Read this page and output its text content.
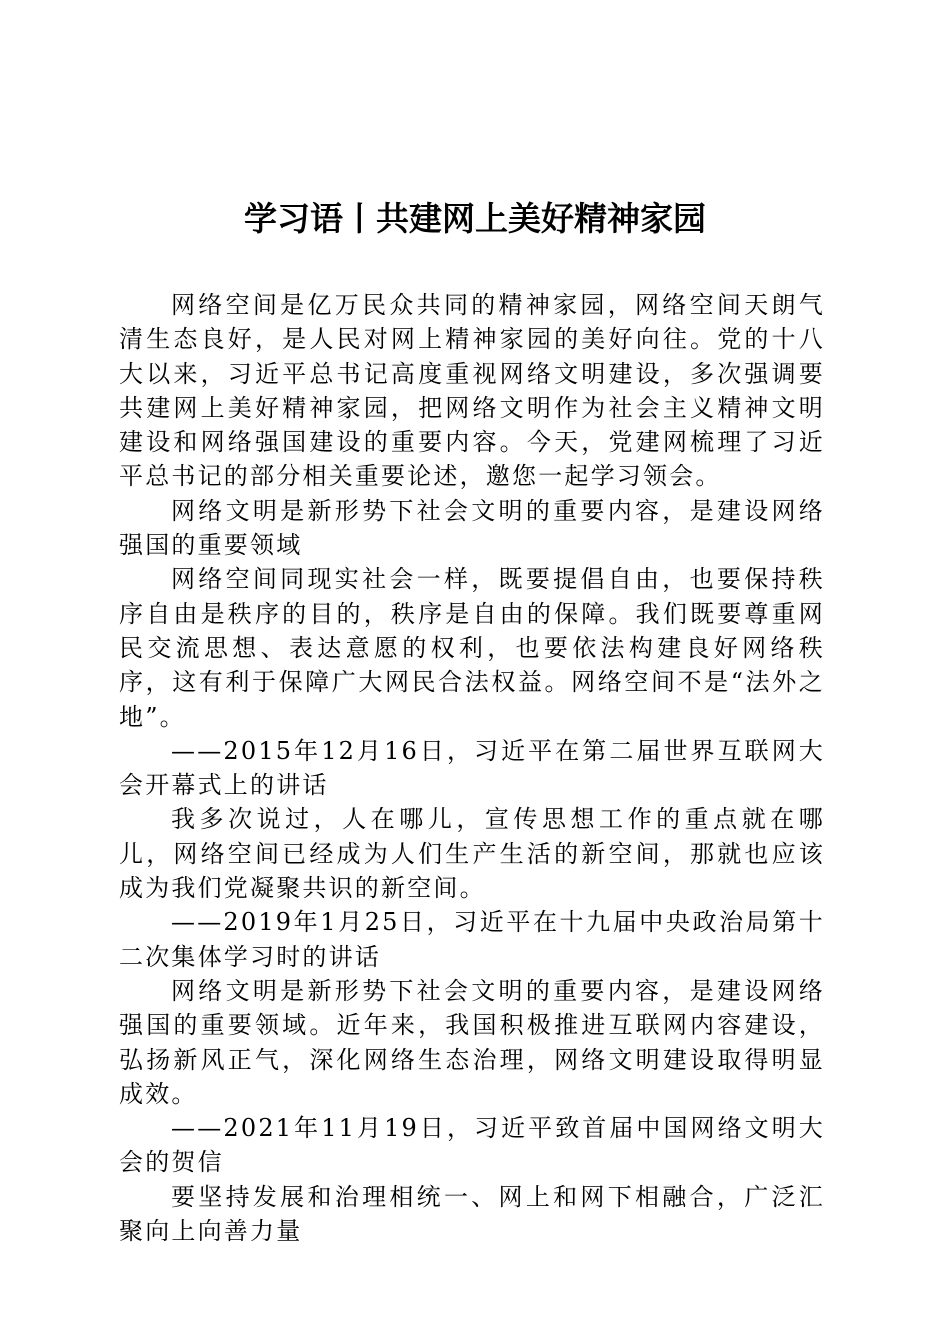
学习语丨共建网上美好精神家园

网络空间是亿万民众共同的精神家园，网络空间天朗气清生态良好，是人民对网上精神家园的美好向往。党的十八大以来，习近平总书记高度重视网络文明建设，多次强调要共建网上美好精神家园，把网络文明作为社会主义精神文明建设和网络强国建设的重要内容。今天，党建网梳理了习近平总书记的部分相关重要论述，邀您一起学习领会。

网络文明是新形势下社会文明的重要内容，是建设网络强国的重要领域

网络空间同现实社会一样，既要提倡自由，也要保持秩序自由是秩序的目的，秩序是自由的保障。我们既要尊重网民交流思想、表达意愿的权利，也要依法构建良好网络秩序，这有利于保障广大网民合法权益。网络空间不是“法外之地”。

——2015年12月16日，习近平在第二届世界互联网大会开幕式上的讲话

我多次说过，人在哪儿，宣传思想工作的重点就在哪儿，网络空间已经成为人们生产生活的新空间，那就也应该成为我们党凝聚共识的新空间。

——2019年1月25日，习近平在十九届中央政治局第十二次集体学习时的讲话

网络文明是新形势下社会文明的重要内容，是建设网络强国的重要领域。近年来，我国积极推进互联网内容建设，弘扬新风正气，深化网络生态治理，网络文明建设取得明显成效。

——2021年11月19日，习近平致首届中国网络文明大会的贺信

要坚持发展和治理相统一、网上和网下相融合，广泛汇聚向上向善力量
